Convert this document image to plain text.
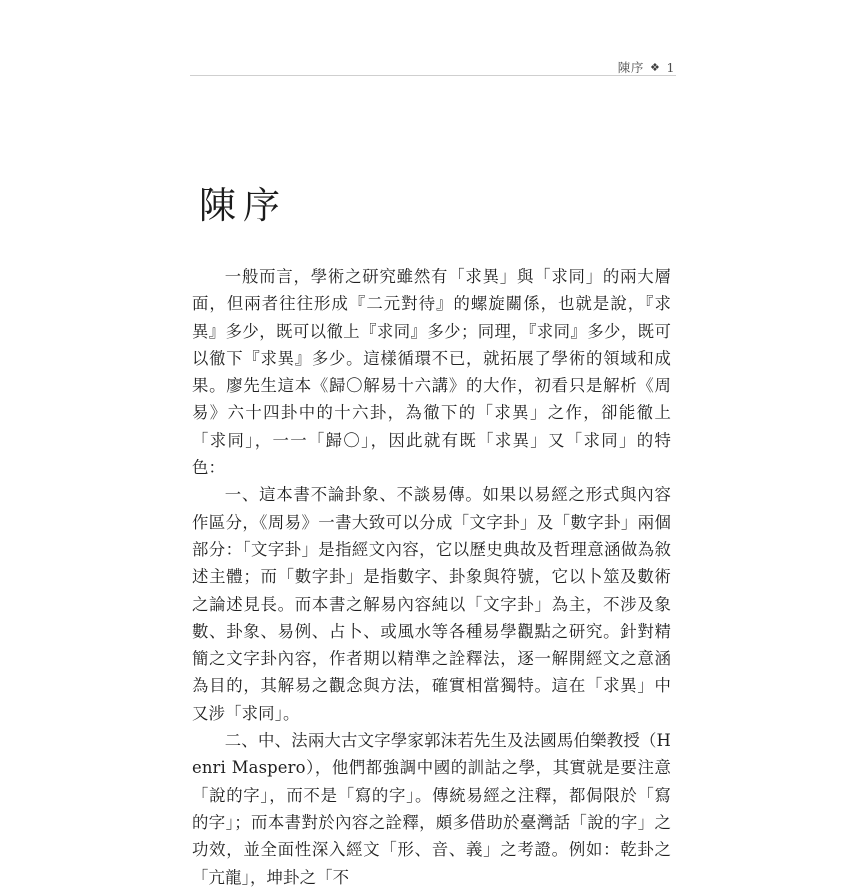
陳序 ❖ 1
陳序

一般而言，學術之研究雖然有「求異」與「求同」的兩大層面，但兩者往往形成『二元對待』的螺旋關係，也就是說，『求異』多少，既可以徹上『求同』多少；同理，『求同』多少，既可以徹下『求異』多少。這樣循環不已，就拓展了學術的領域和成果。廖先生這本《歸〇解易十六講》的大作，初看只是解析《周易》六十四卦中的十六卦，為徹下的「求異」之作，卻能徹上「求同」，一一「歸〇」，因此就有既「求異」又「求同」的特色：

一、這本書不論卦象、不談易傳。如果以易經之形式與內容作區分，《周易》一書大致可以分成「文字卦」及「數字卦」兩個部分：「文字卦」是指經文內容，它以歷史典故及哲理意涵做為敘述主體；而「數字卦」是指數字、卦象與符號，它以卜筮及數術之論述見長。而本書之解易內容純以「文字卦」為主，不涉及象數、卦象、易例、占卜、或風水等各種易學觀點之研究。針對精簡之文字卦內容，作者期以精準之詮釋法，逐一解開經文之意涵為目的，其解易之觀念與方法，確實相當獨特。這在「求異」中又涉「求同」。

二、中、法兩大古文字學家郭沫若先生及法國馬伯樂教授（Henri Maspero），他們都強調中國的訓詁之學，其實就是要注意「說的字」，而不是「寫的字」。傳統易經之注釋，都侷限於「寫的字」；而本書對於內容之詮釋，頗多借助於臺灣話「說的字」之功效，並全面性深入經文「形、音、義」之考證。例如：乾卦之「亢龍」，坤卦之「不
